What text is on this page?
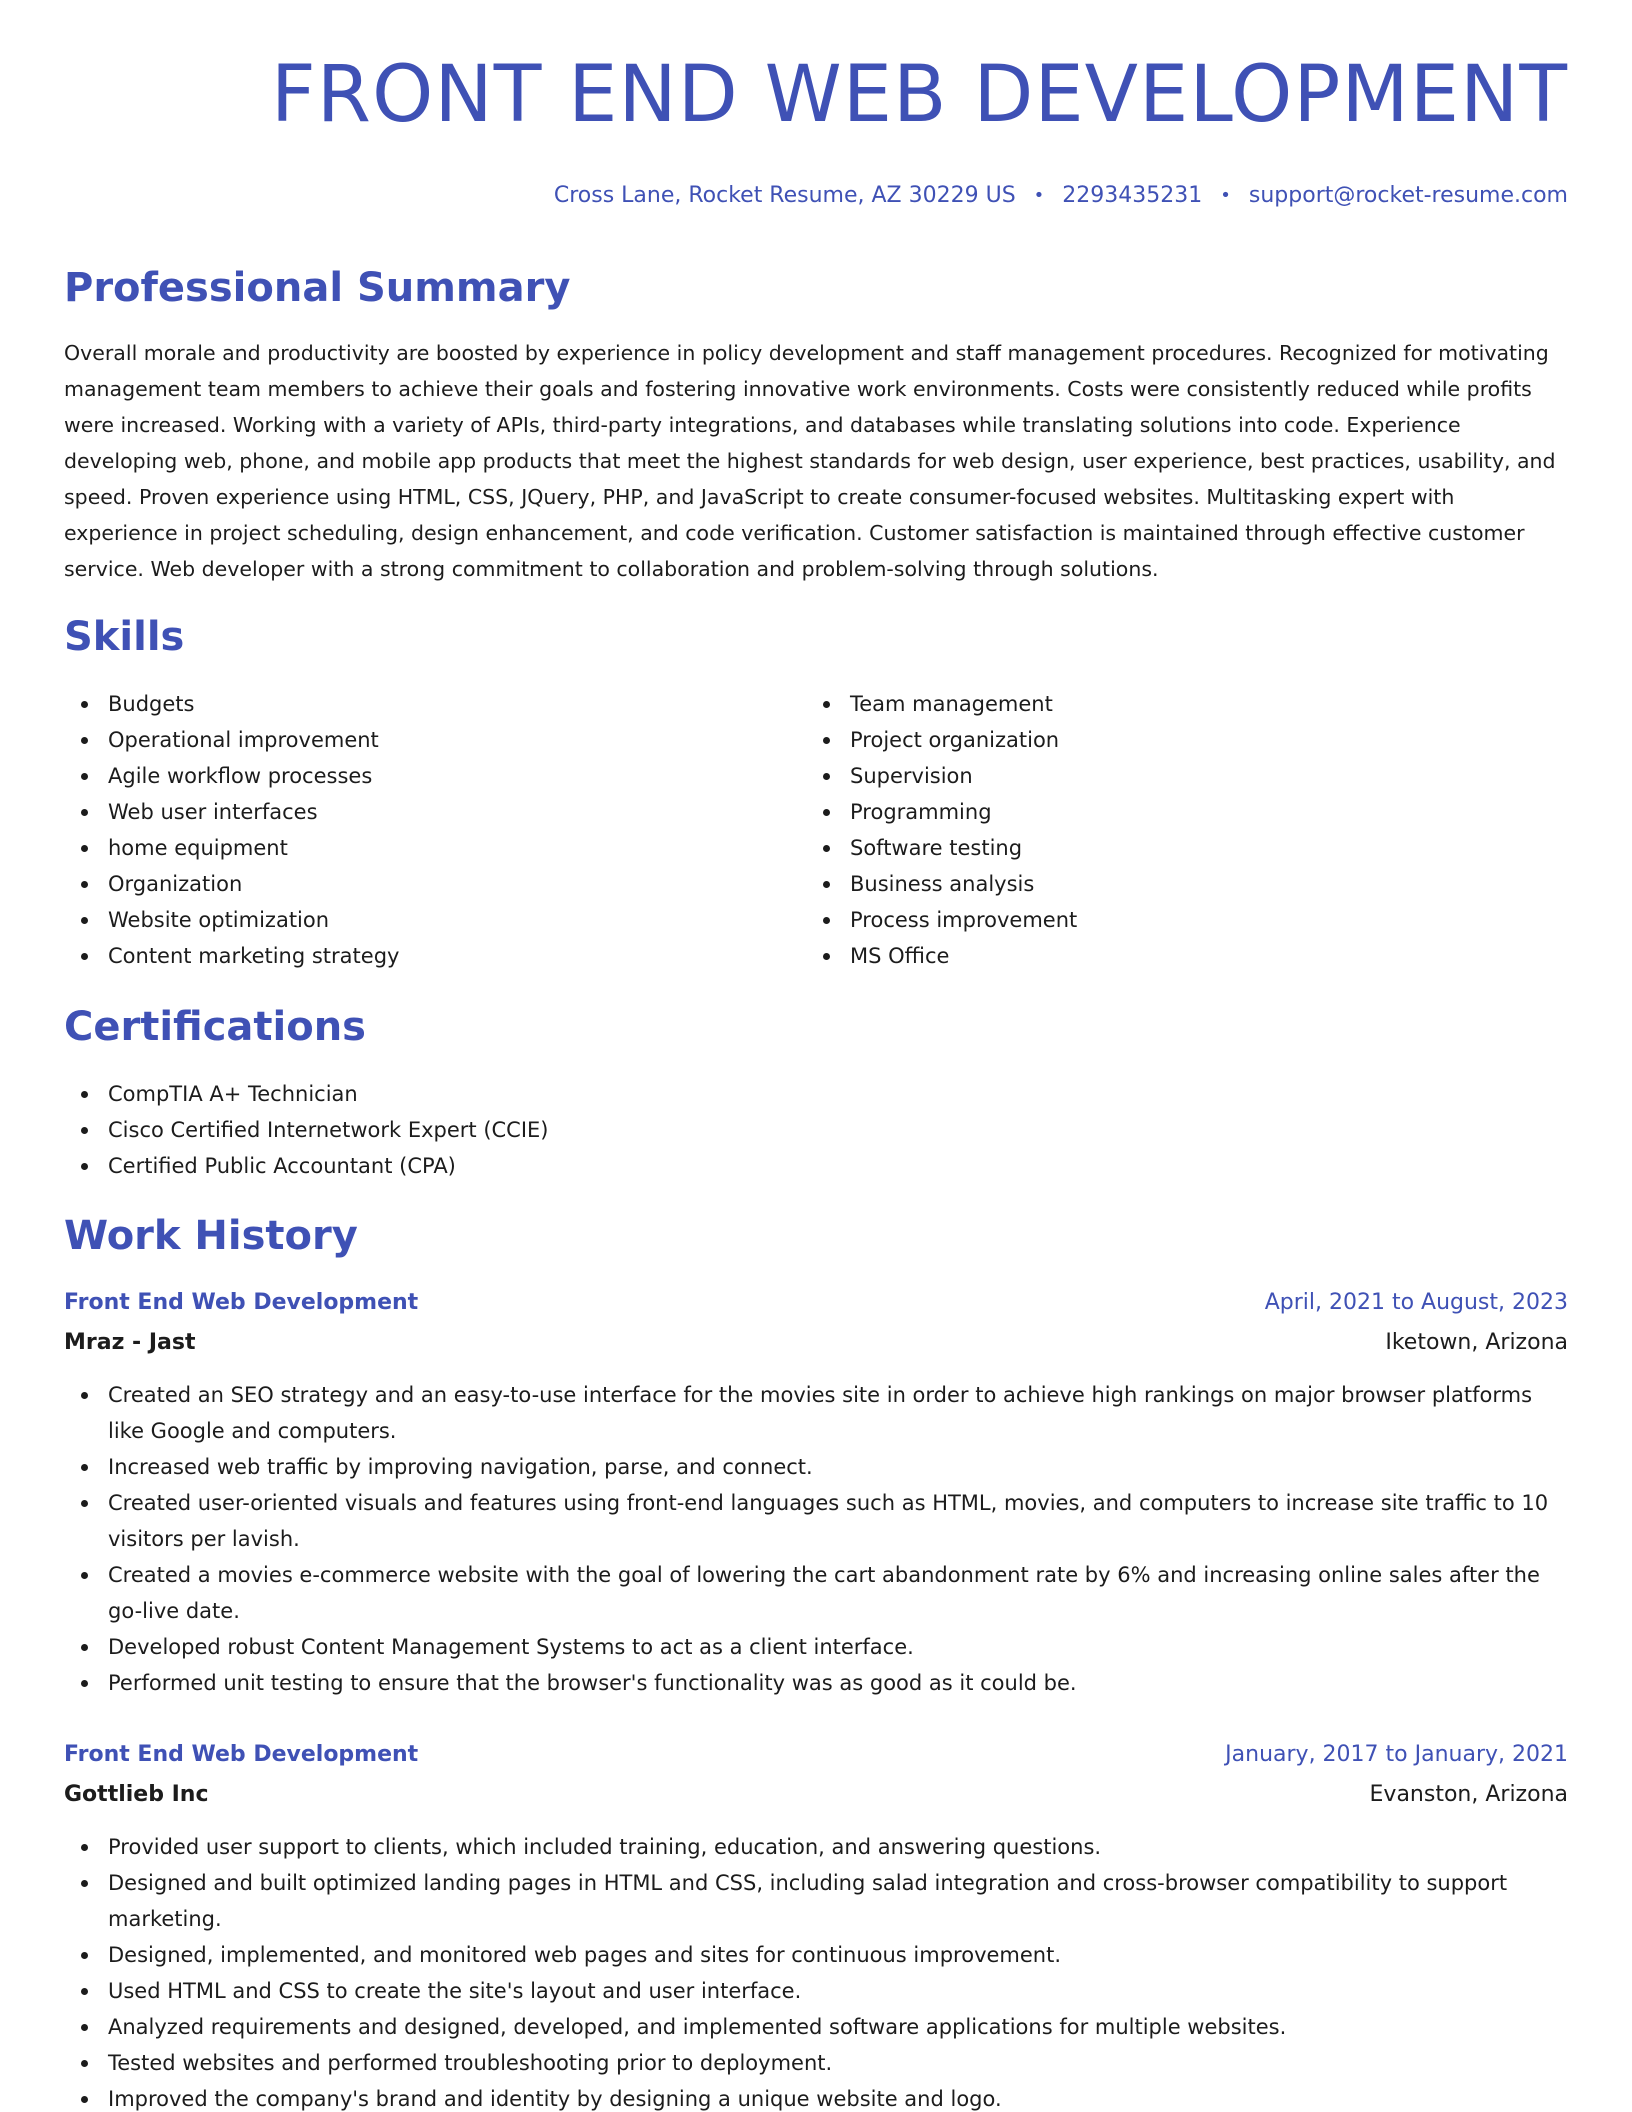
FRONT END WEB DEVELOPMENT
Cross Lane, Rocket Resume, AZ 30229 US • 2293435231 • support@rocket-resume.com
Professional Summary

Overall morale and productivity are boosted by experience in policy development and staff management procedures. Recognized for motivating management team members to achieve their goals and fostering innovative work environments. Costs were consistently reduced while profits were increased. Working with a variety of APIs, third-party integrations, and databases while translating solutions into code. Experience developing web, phone, and mobile app products that meet the highest standards for web design, user experience, best practices, usability, and speed. Proven experience using HTML, CSS, JQuery, PHP, and JavaScript to create consumer-focused websites. Multitasking expert with experience in project scheduling, design enhancement, and code verification. Customer satisfaction is maintained through effective customer service. Web developer with a strong commitment to collaboration and problem-solving through solutions.

Skills
Budgets
Operational improvement
Agile workflow processes
Web user interfaces
home equipment
Organization
Website optimization
Content marketing strategy
Team management
Project organization
Supervision
Programming
Software testing
Business analysis
Process improvement
MS Office
Certifications
CompTIA A+ Technician
Cisco Certified Internetwork Expert (CCIE)
Certified Public Accountant (CPA)
Work History
Front End Web Development	April, 2021 to August, 2023
Mraz - Jast	Iketown, Arizona
Created an SEO strategy and an easy-to-use interface for the movies site in order to achieve high rankings on major browser platforms like Google and computers.
Increased web traffic by improving navigation, parse, and connect.
Created user-oriented visuals and features using front-end languages such as HTML, movies, and computers to increase site traffic to 10 visitors per lavish.
Created a movies e-commerce website with the goal of lowering the cart abandonment rate by 6% and increasing online sales after the go-live date.
Developed robust Content Management Systems to act as a client interface.
Performed unit testing to ensure that the browser's functionality was as good as it could be.
Front End Web Development	January, 2017 to January, 2021
Gottlieb Inc	Evanston, Arizona
Provided user support to clients, which included training, education, and answering questions.
Designed and built optimized landing pages in HTML and CSS, including salad integration and cross-browser compatibility to support marketing.
Designed, implemented, and monitored web pages and sites for continuous improvement.
Used HTML and CSS to create the site's layout and user interface.
Analyzed requirements and designed, developed, and implemented software applications for multiple websites.
Tested websites and performed troubleshooting prior to deployment.
Improved the company's brand and identity by designing a unique website and logo.
